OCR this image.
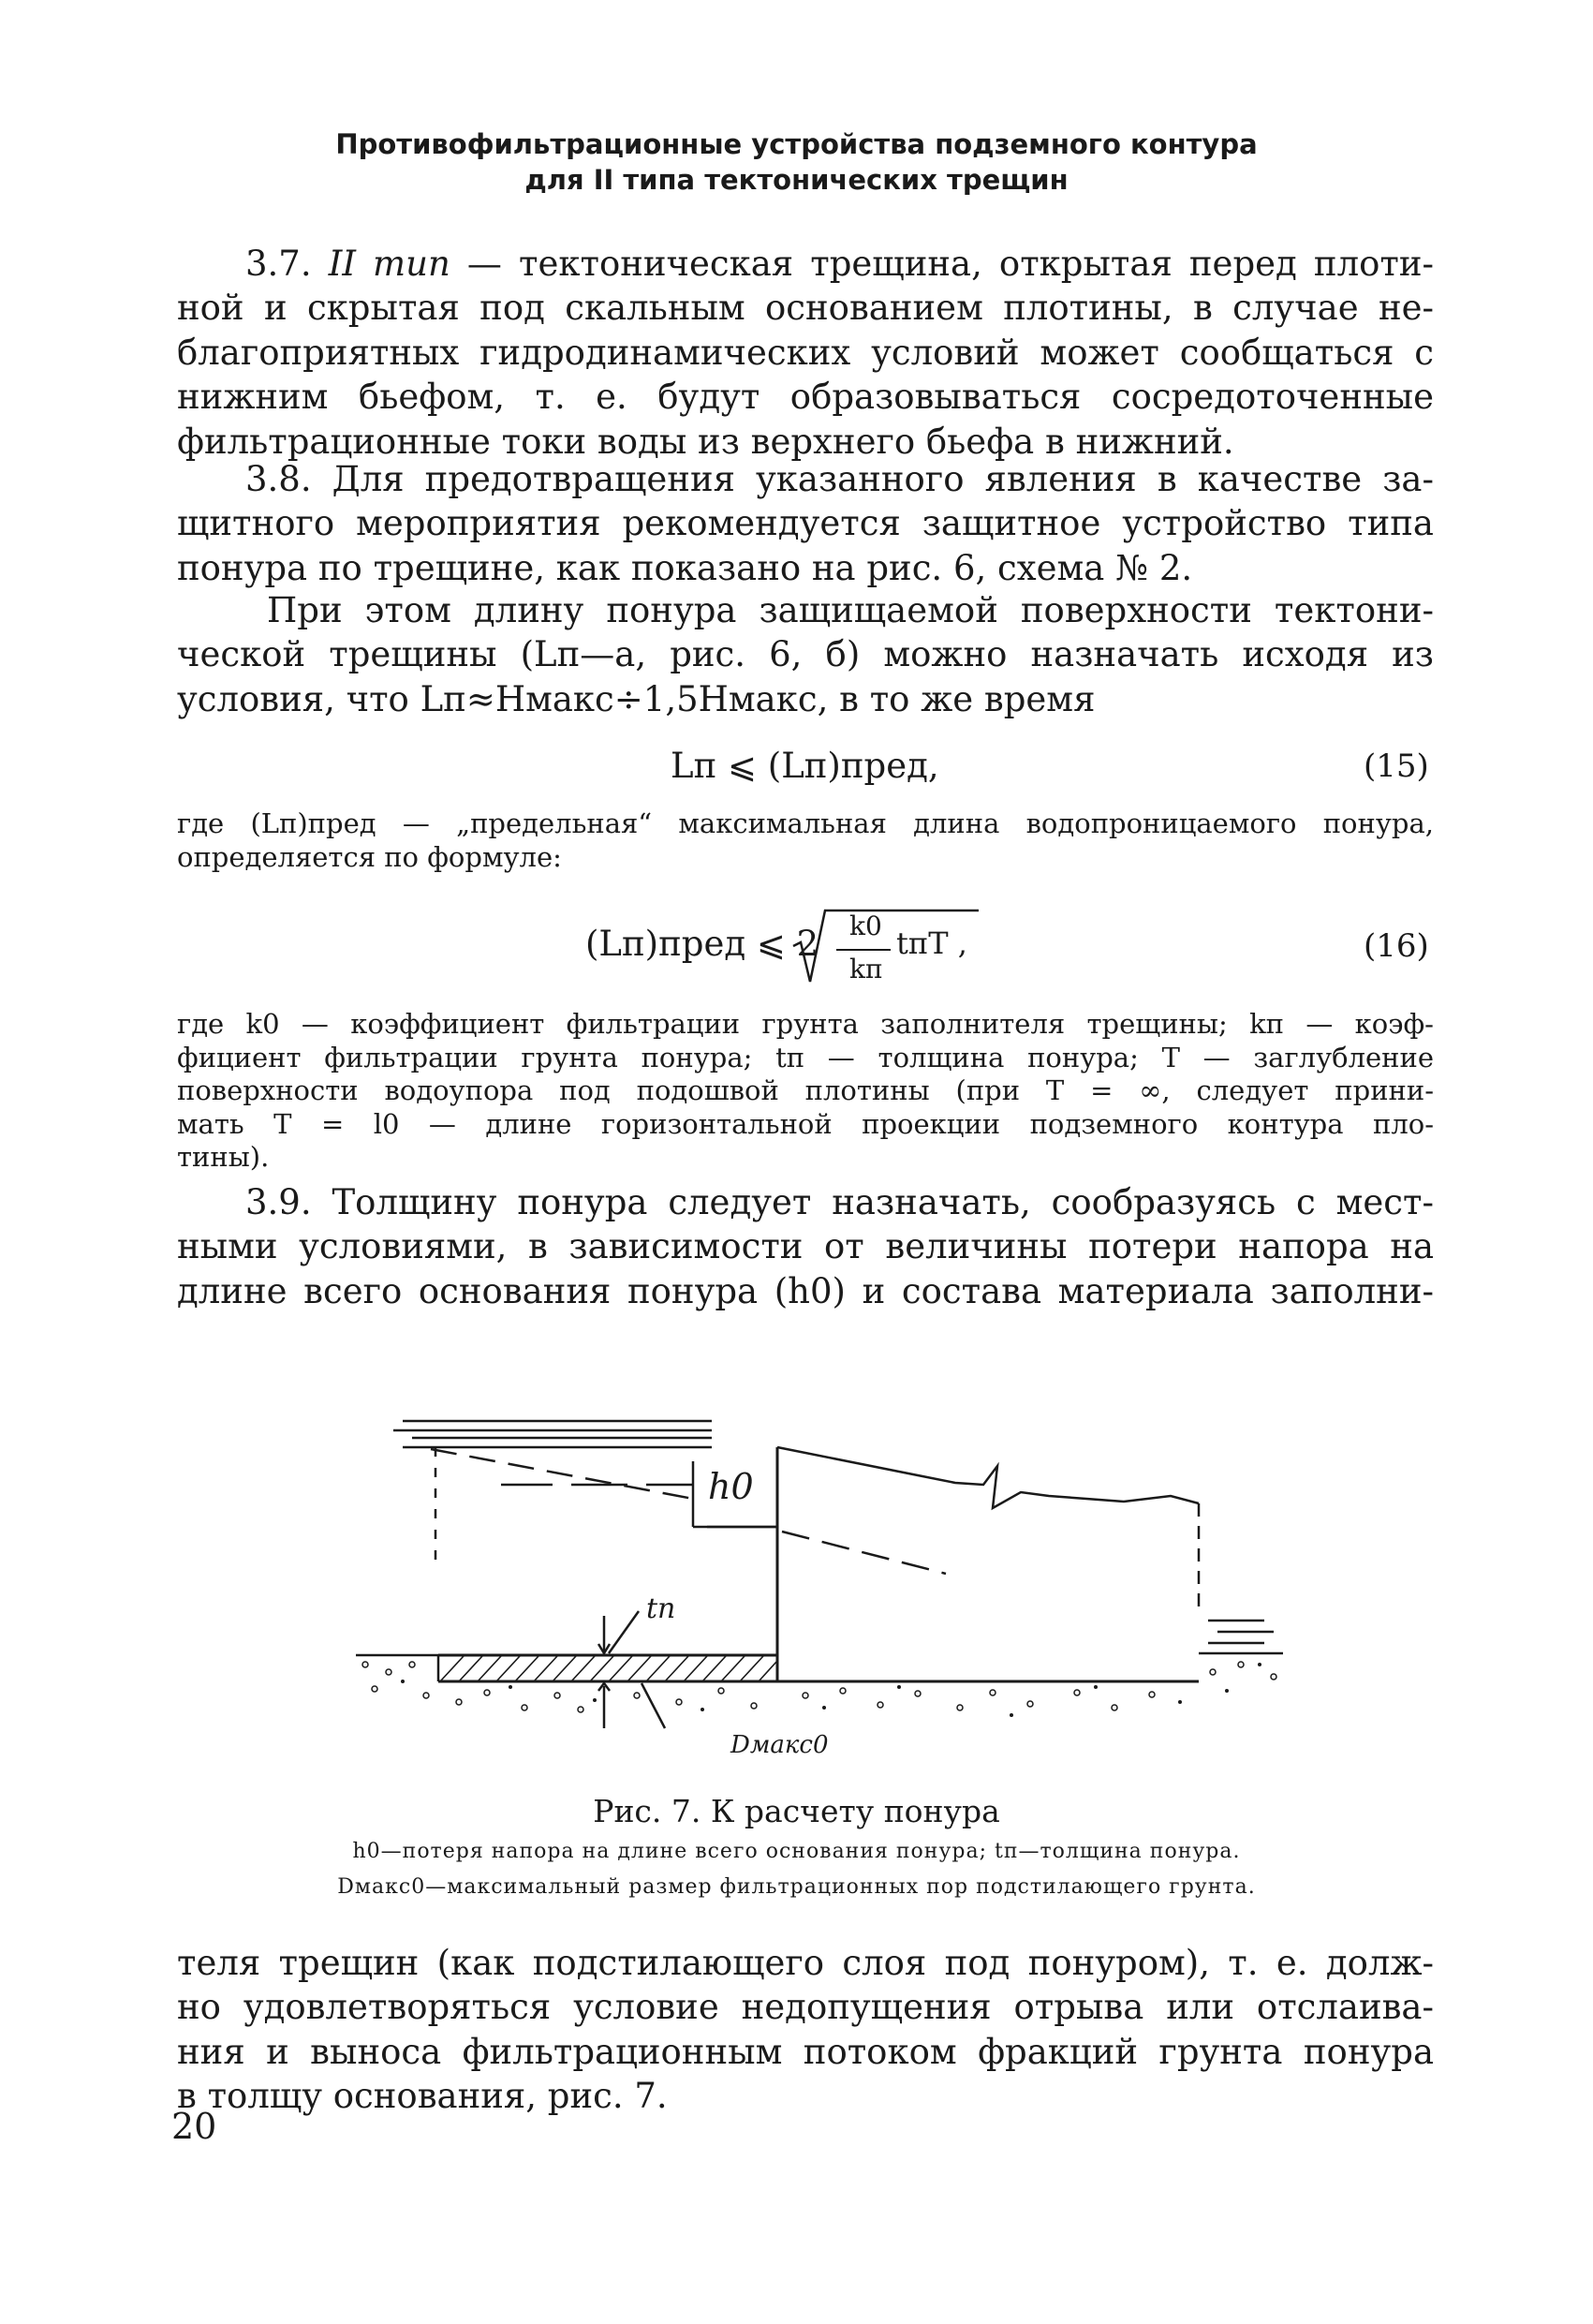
Противофильтрационные устройства подземного контура
для II типа тектонических трещин
3.7. II тип — тектоническая трещина, открытая перед плоти-
ной и скрытая под скальным основанием плотины, в случае не-
благоприятных гидродинамических условий может сообщаться с
нижним бьефом, т. е. будут образовываться сосредоточенные
фильтрационные токи воды из верхнего бьефа в нижний.
3.8. Для предотвращения указанного явления в качестве за-
щитного мероприятия рекомендуется защитное устройство типа
понура по трещине, как показано на рис. 6, схема № 2.
При этом длину понура защищаемой поверхности тектони-
ческой трещины (Lп—а, рис. 6, б) можно назначать исходя из
условия, что Lп≈Hмакс÷1,5Hмакс, в то же время
Lп ⩽ (Lп)пред,	(15)
где (Lп)пред — „предельная“ максимальная длина водопроницаемого понура,
определяется по формуле:
(Lп)пред ⩽ 2 k0
kп
tпT ,	(16)
где k0 — коэффициент фильтрации грунта заполнителя трещины; kп — коэф-
фициент фильтрации грунта понура; tп — толщина понура; T — заглубление
поверхности водоупора под подошвой плотины (при T = ∞, следует прини-
мать T = l0 — длине горизонтальной проекции подземного контура пло-
тины).
3.9. Толщину понура следует назначать, сообразуясь с мест-
ными условиями, в зависимости от величины потери напора на
длине всего основания понура (h0) и состава материала заполни-
h0
tп
Dмакс0
Рис. 7. К расчету понура
h0—потеря напора на длине всего основания понура; tп—толщина понура.
Dмакс0—максимальный размер фильтрационных пор подстилающего грунта.
теля трещин (как подстилающего слоя под понуром), т. е. долж-
но удовлетворяться условие недопущения отрыва или отслаива-
ния и выноса фильтрационным потоком фракций грунта понура
в толщу основания, рис. 7.
20
